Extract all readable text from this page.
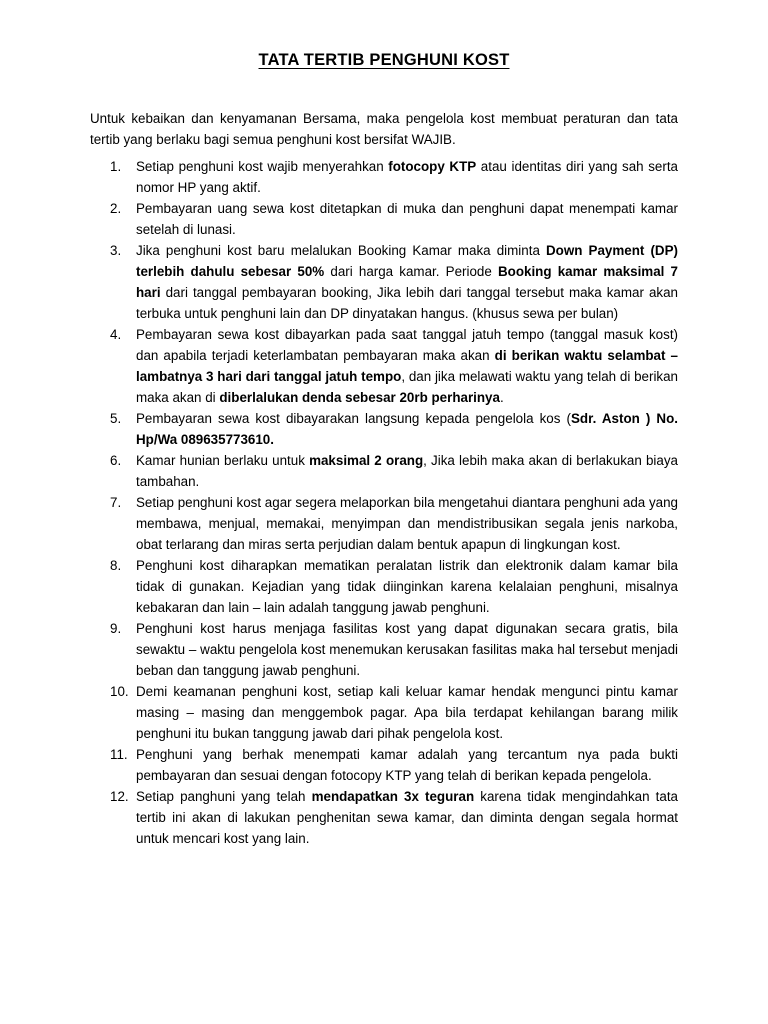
TATA TERTIB PENGHUNI KOST

Untuk kebaikan dan kenyamanan Bersama, maka pengelola kost membuat peraturan dan tata tertib yang berlaku bagi semua penghuni kost bersifat WAJIB.

1.	Setiap penghuni kost wajib menyerahkan fotocopy KTP atau identitas diri yang sah serta nomor HP yang aktif.
2.	Pembayaran uang sewa kost ditetapkan di muka dan penghuni dapat menempati kamar setelah di lunasi.
3.	Jika penghuni kost baru melalukan Booking Kamar maka diminta Down Payment (DP) terlebih dahulu sebesar 50% dari harga kamar. Periode Booking kamar maksimal 7 hari dari tanggal pembayaran booking, Jika lebih dari tanggal tersebut maka kamar akan terbuka untuk penghuni lain dan DP dinyatakan hangus. (khusus sewa per bulan)
4.	Pembayaran sewa kost dibayarkan pada saat tanggal jatuh tempo (tanggal masuk kost) dan apabila terjadi keterlambatan pembayaran maka akan di berikan waktu selambat – lambatnya 3 hari dari tanggal jatuh tempo, dan jika melawati waktu yang telah di berikan maka akan di diberlalukan denda sebesar 20rb perharinya.
5.	Pembayaran sewa kost dibayarakan langsung kepada pengelola kos (Sdr. Aston ) No. Hp/Wa 089635773610.
6.	Kamar hunian berlaku untuk maksimal 2 orang, Jika lebih maka akan di berlakukan biaya tambahan.
7.	Setiap penghuni kost agar segera melaporkan bila mengetahui diantara penghuni ada yang membawa, menjual, memakai, menyimpan dan mendistribusikan segala jenis narkoba, obat terlarang dan miras serta perjudian dalam bentuk apapun di lingkungan kost.
8.	Penghuni kost diharapkan mematikan peralatan listrik dan elektronik dalam kamar bila tidak di gunakan. Kejadian yang tidak diinginkan karena kelalaian penghuni, misalnya kebakaran dan lain – lain adalah tanggung jawab penghuni.
9.	Penghuni kost harus menjaga fasilitas kost yang dapat digunakan secara gratis, bila sewaktu – waktu pengelola kost menemukan kerusakan fasilitas maka hal tersebut menjadi beban dan tanggung jawab penghuni.
10. Demi keamanan penghuni kost, setiap kali keluar kamar hendak mengunci pintu kamar masing – masing dan menggembok pagar. Apa bila terdapat kehilangan barang milik penghuni itu bukan tanggung jawab dari pihak pengelola kost.
11. Penghuni yang berhak menempati kamar adalah yang tercantum nya pada bukti pembayaran dan sesuai dengan fotocopy KTP yang telah di berikan kepada pengelola.
12. Setiap panghuni yang telah mendapatkan 3x teguran karena tidak mengindahkan tata tertib ini akan di lakukan penghenitan sewa kamar, dan diminta dengan segala hormat untuk mencari kost yang lain.
